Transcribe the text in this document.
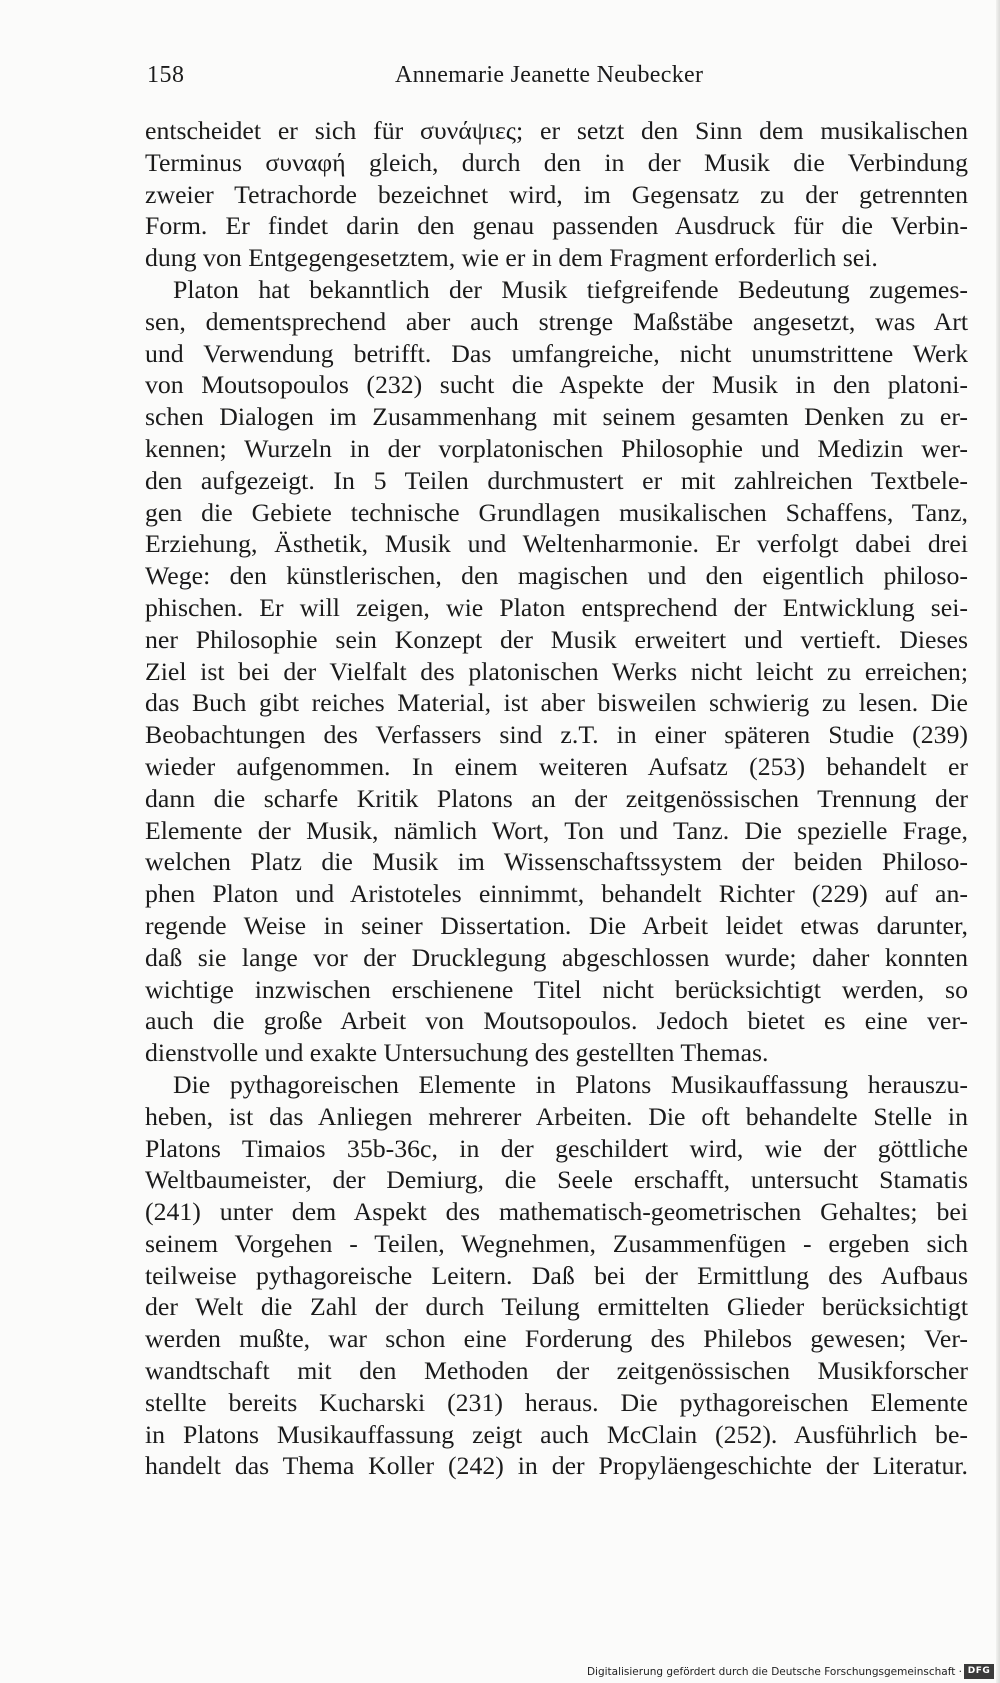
158	Annemarie Jeanette Neubecker
entscheidet er sich für συνάψιες; er setzt den Sinn dem musikalischen
Terminus συναφή gleich, durch den in der Musik die Verbindung
zweier Tetrachorde bezeichnet wird, im Gegensatz zu der getrennten
Form. Er findet darin den genau passenden Ausdruck für die Verbin-
dung von Entgegengesetztem, wie er in dem Fragment erforderlich sei.
Platon hat bekanntlich der Musik tiefgreifende Bedeutung zugemes-
sen, dementsprechend aber auch strenge Maßstäbe angesetzt, was Art
und Verwendung betrifft. Das umfangreiche, nicht unumstrittene Werk
von Moutsopoulos (232) sucht die Aspekte der Musik in den platoni-
schen Dialogen im Zusammenhang mit seinem gesamten Denken zu er-
kennen; Wurzeln in der vorplatonischen Philosophie und Medizin wer-
den aufgezeigt. In 5 Teilen durchmustert er mit zahlreichen Textbele-
gen die Gebiete technische Grundlagen musikalischen Schaffens, Tanz,
Erziehung, Ästhetik, Musik und Weltenharmonie. Er verfolgt dabei drei
Wege: den künstlerischen, den magischen und den eigentlich philoso-
phischen. Er will zeigen, wie Platon entsprechend der Entwicklung sei-
ner Philosophie sein Konzept der Musik erweitert und vertieft. Dieses
Ziel ist bei der Vielfalt des platonischen Werks nicht leicht zu erreichen;
das Buch gibt reiches Material, ist aber bisweilen schwierig zu lesen. Die
Beobachtungen des Verfassers sind z.T. in einer späteren Studie (239)
wieder aufgenommen. In einem weiteren Aufsatz (253) behandelt er
dann die scharfe Kritik Platons an der zeitgenössischen Trennung der
Elemente der Musik, nämlich Wort, Ton und Tanz. Die spezielle Frage,
welchen Platz die Musik im Wissenschaftssystem der beiden Philoso-
phen Platon und Aristoteles einnimmt, behandelt Richter (229) auf an-
regende Weise in seiner Dissertation. Die Arbeit leidet etwas darunter,
daß sie lange vor der Drucklegung abgeschlossen wurde; daher konnten
wichtige inzwischen erschienene Titel nicht berücksichtigt werden, so
auch die große Arbeit von Moutsopoulos. Jedoch bietet es eine ver-
dienstvolle und exakte Untersuchung des gestellten Themas.
Die pythagoreischen Elemente in Platons Musikauffassung herauszu-
heben, ist das Anliegen mehrerer Arbeiten. Die oft behandelte Stelle in
Platons Timaios 35b-36c, in der geschildert wird, wie der göttliche
Weltbaumeister, der Demiurg, die Seele erschafft, untersucht Stamatis
(241) unter dem Aspekt des mathematisch-geometrischen Gehaltes; bei
seinem Vorgehen - Teilen, Wegnehmen, Zusammenfügen - ergeben sich
teilweise pythagoreische Leitern. Daß bei der Ermittlung des Aufbaus
der Welt die Zahl der durch Teilung ermittelten Glieder berücksichtigt
werden mußte, war schon eine Forderung des Philebos gewesen; Ver-
wandtschaft mit den Methoden der zeitgenössischen Musikforscher
stellte bereits Kucharski (231) heraus. Die pythagoreischen Elemente
in Platons Musikauffassung zeigt auch McClain (252). Ausführlich be-
handelt das Thema Koller (242) in der Propyläengeschichte der Literatur.
Digitalisierung gefördert durch die Deutsche Forschungsgemeinschaft · DFG
